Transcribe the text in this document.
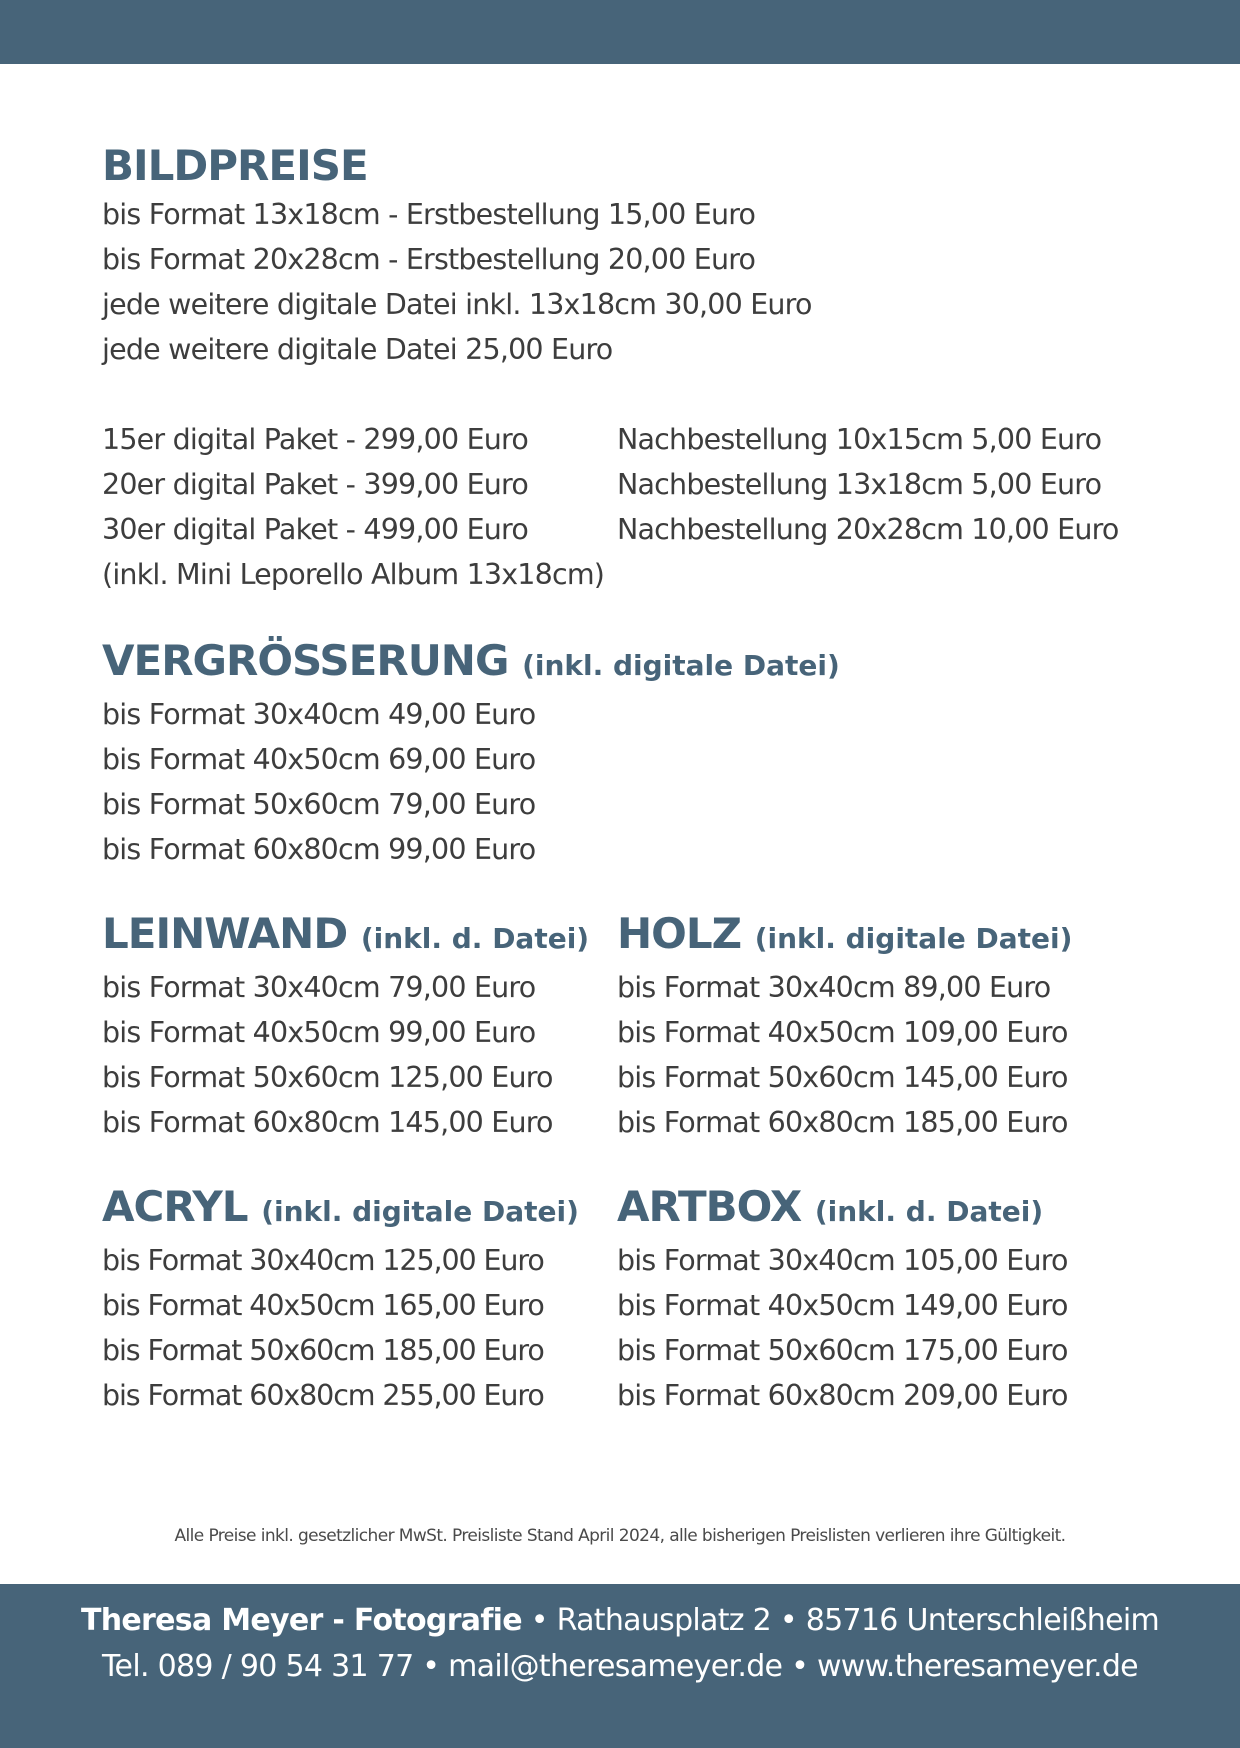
BILDPREISE

bis Format 13x18cm - Erstbestellung 15,00 Euro

bis Format 20x28cm - Erstbestellung 20,00 Euro

jede weitere digitale Datei inkl. 13x18cm 30,00 Euro

jede weitere digitale Datei 25,00 Euro

15er digital Paket - 299,00 Euro

20er digital Paket - 399,00 Euro

30er digital Paket - 499,00 Euro

(inkl. Mini Leporello Album 13x18cm)

Nachbestellung 10x15cm 5,00 Euro

Nachbestellung 13x18cm 5,00 Euro

Nachbestellung 20x28cm 10,00 Euro

VERGRÖSSERUNG (inkl. digitale Datei)

bis Format 30x40cm 49,00 Euro

bis Format 40x50cm 69,00 Euro

bis Format 50x60cm 79,00 Euro

bis Format 60x80cm 99,00 Euro

LEINWAND (inkl. d. Datei)

bis Format 30x40cm 79,00 Euro

bis Format 40x50cm 99,00 Euro

bis Format 50x60cm 125,00 Euro

bis Format 60x80cm 145,00 Euro

HOLZ (inkl. digitale Datei)

bis Format 30x40cm 89,00 Euro

bis Format 40x50cm 109,00 Euro

bis Format 50x60cm 145,00 Euro

bis Format 60x80cm 185,00 Euro

ACRYL (inkl. digitale Datei)

bis Format 30x40cm 125,00 Euro

bis Format 40x50cm 165,00 Euro

bis Format 50x60cm 185,00 Euro

bis Format 60x80cm 255,00 Euro

ARTBOX (inkl. d. Datei)

bis Format 30x40cm 105,00 Euro

bis Format 40x50cm 149,00 Euro

bis Format 50x60cm 175,00 Euro

bis Format 60x80cm 209,00 Euro

Alle Preise inkl. gesetzlicher MwSt. Preisliste Stand April 2024, alle bisherigen Preislisten verlieren ihre Gültigkeit.
Theresa Meyer - Fotografie • Rathausplatz 2 • 85716 Unterschleißheim
Tel. 089 / 90 54 31 77 • mail@theresameyer.de • www.theresameyer.de
